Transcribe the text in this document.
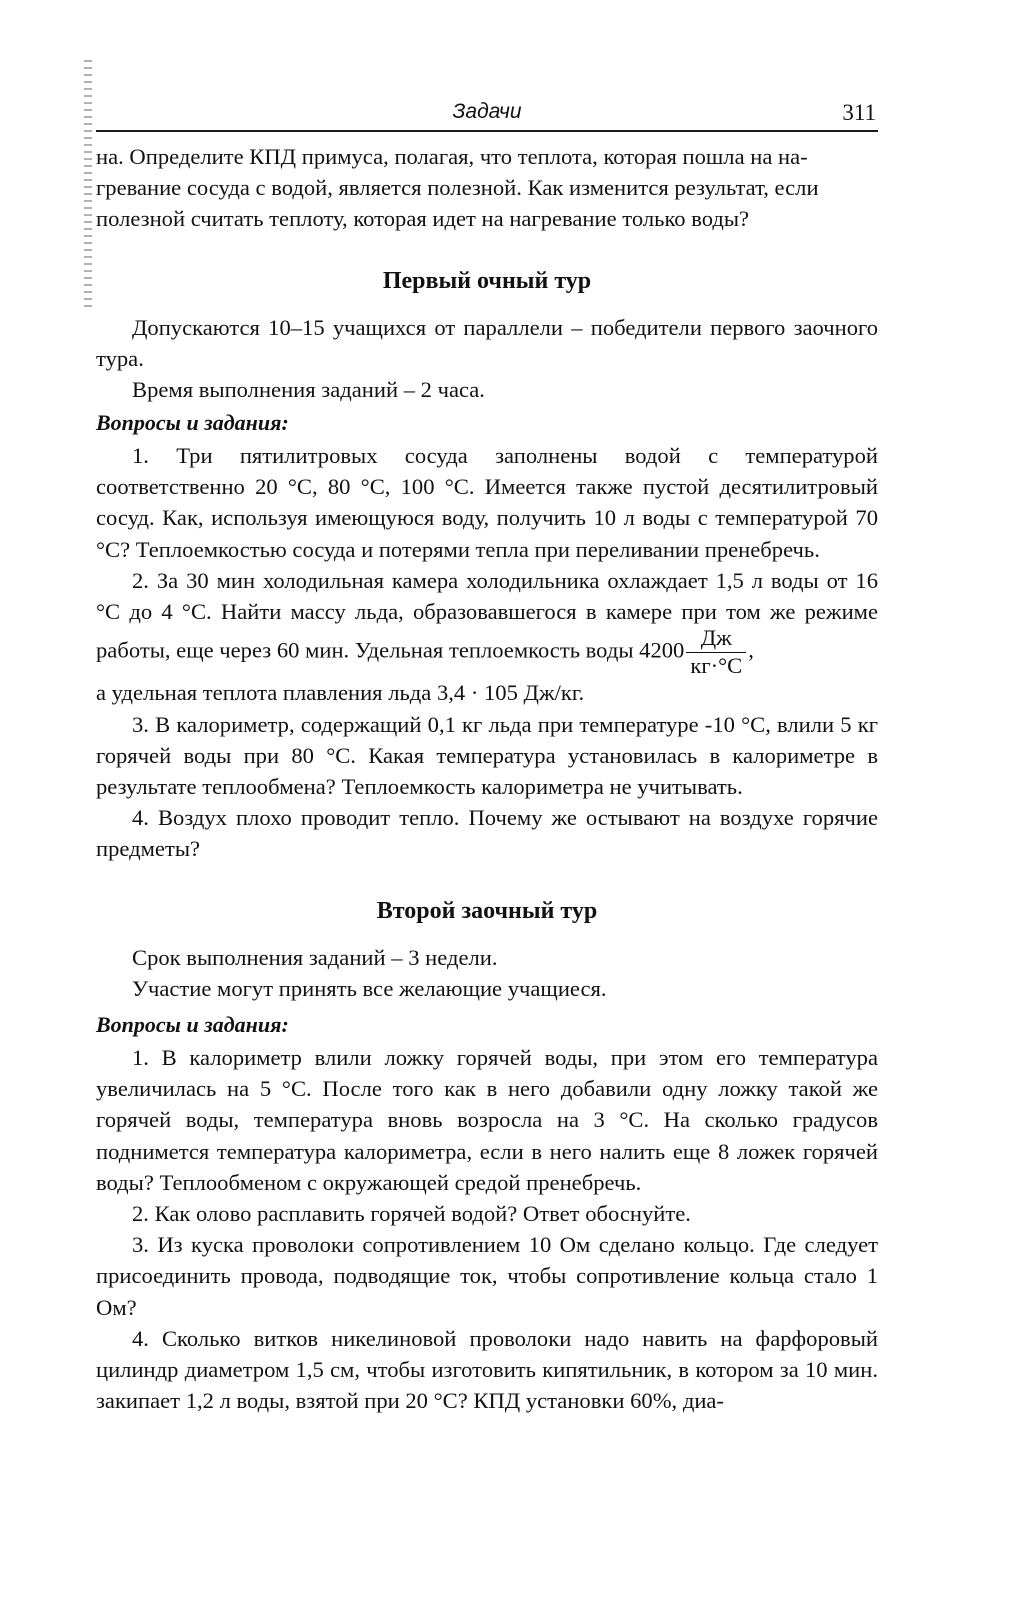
Задачи	311

на. Определите КПД примуса, полагая, что теплота, которая пошла на на-

гревание сосуда с водой, является полезной. Как изменится результат, если

полезной считать теплоту, которая идет на нагревание только воды?

Первый очный тур

Допускаются 10–15 учащихся от параллели – победители первого заочного тура.

Время выполнения заданий – 2 часа.

Вопросы и задания:

1. Три пятилитровых сосуда заполнены водой с температурой соответственно 20 °С, 80 °С, 100 °С. Имеется также пустой десятилитровый сосуд. Как, используя имеющуюся воду, получить 10 л воды с температурой 70 °С? Теплоемкостью сосуда и потерями тепла при переливании пренебречь.

2. За 30 мин холодильная камера холодильника охлаждает 1,5 л воды от 16 °С до 4 °С. Найти массу льда, образовавшегося в камере при том же режиме работы, еще через 60 мин. Удельная теплоемкость воды $4200 \frac{Дж}{кг\cdot^\circ С}$ ,

а удельная теплота плавления льда 3,4 · 105 Дж/кг.

3. В калориметр, содержащий 0,1 кг льда при температуре -10 °С, влили 5 кг горячей воды при 80 °С. Какая температура установилась в калориметре в результате теплообмена? Теплоемкость калориметра не учитывать.

4. Воздух плохо проводит тепло. Почему же остывают на воздухе горячие предметы?

Второй заочный тур

Срок выполнения заданий – 3 недели.

Участие могут принять все желающие учащиеся.

Вопросы и задания:

1. В калориметр влили ложку горячей воды, при этом его температура увеличилась на 5 °С. После того как в него добавили одну ложку такой же горячей воды, температура вновь возросла на 3 °С. На сколько градусов поднимется температура калориметра, если в него налить еще 8 ложек горячей воды? Теплообменом с окружающей средой пренебречь.

2. Как олово расплавить горячей водой? Ответ обоснуйте.

3. Из куска проволоки сопротивлением 10 Ом сделано кольцо. Где следует присоединить провода, подводящие ток, чтобы сопротивление кольца стало 1 Ом?

4. Сколько витков никелиновой проволоки надо навить на фарфоровый цилиндр диаметром 1,5 см, чтобы изготовить кипятильник, в котором за 10 мин. закипает 1,2 л воды, взятой при 20 °С? КПД установки 60%, диа-
